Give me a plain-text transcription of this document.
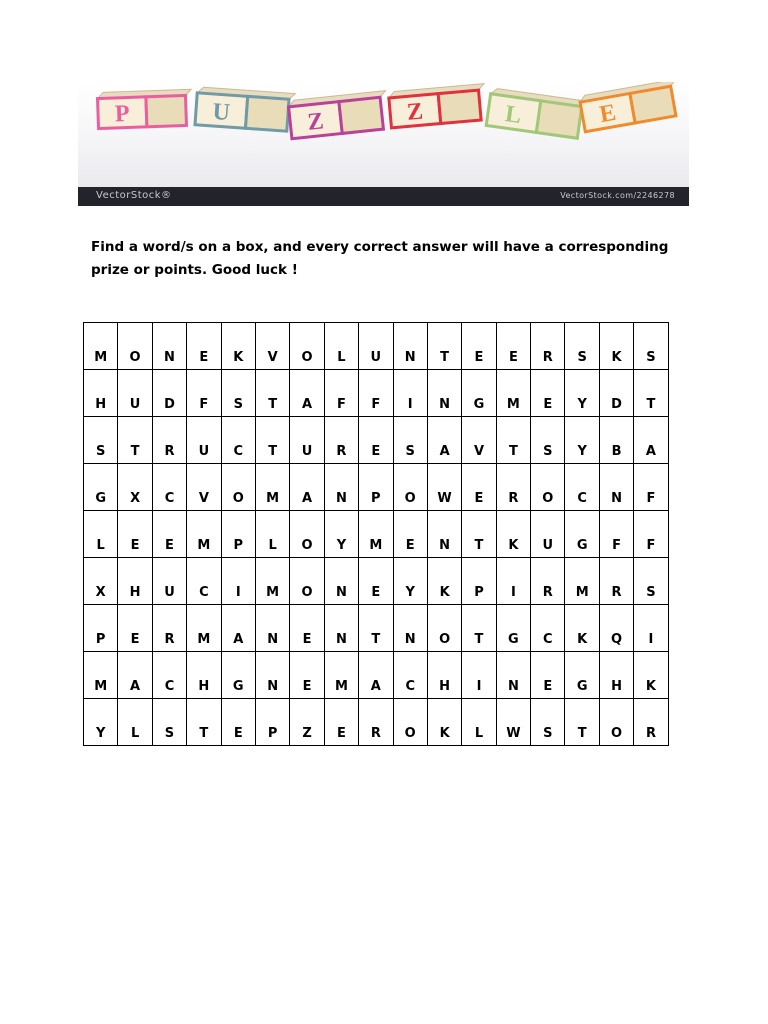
P	U	Z	Z	L	E
VectorStock®	VectorStock.com/2246278
Find a word/s on a box, and every correct answer will have a corresponding prize or points. Good luck !
M	O	N	E	K	V	O	L	U	N	T	E	E	R	S	K	S
H	U	D	F	S	T	A	F	F	I	N	G	M	E	Y	D	T
S	T	R	U	C	T	U	R	E	S	A	V	T	S	Y	B	A
G	X	C	V	O	M	A	N	P	O	W	E	R	O	C	N	F
L	E	E	M	P	L	O	Y	M	E	N	T	K	U	G	F	F
X	H	U	C	I	M	O	N	E	Y	K	P	I	R	M	R	S
P	E	R	M	A	N	E	N	T	N	O	T	G	C	K	Q	I
M	A	C	H	G	N	E	M	A	C	H	I	N	E	G	H	K
Y	L	S	T	E	P	Z	E	R	O	K	L	W	S	T	O	R
